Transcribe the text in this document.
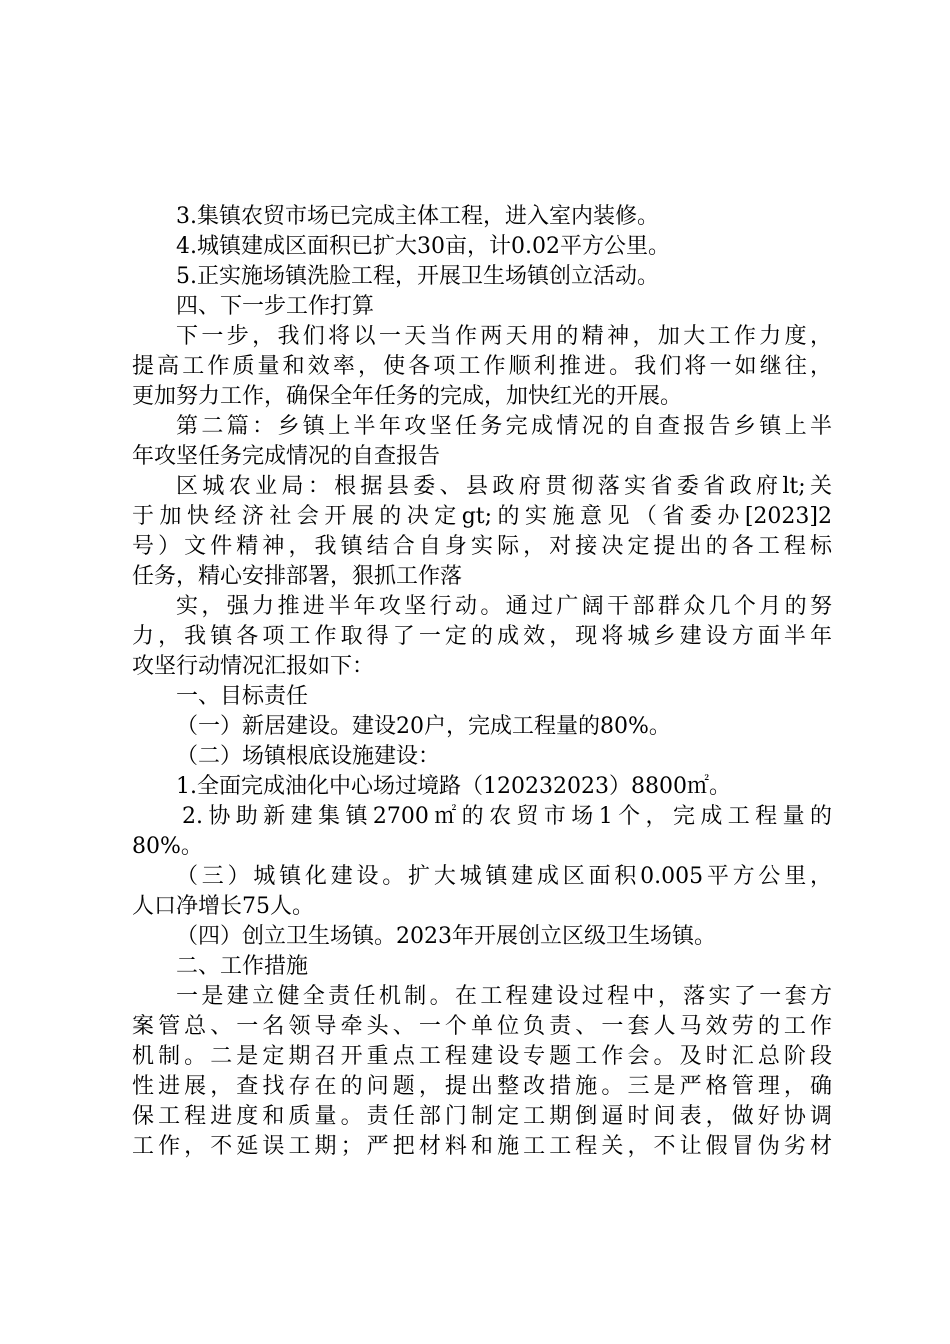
3.集镇农贸市场已完成主体工程，进入室内装修。
4.城镇建成区面积已扩大30亩，计0.02平方公里。
5.正实施场镇洗脸工程，开展卫生场镇创立活动。
四、下一步工作打算
下一步，我们将以一天当作两天用的精神，加大工作力度，
提高工作质量和效率，使各项工作顺利推进。我们将一如继往，
更加努力工作，确保全年任务的完成，加快红光的开展。
第二篇：乡镇上半年攻坚任务完成情况的自查报告乡镇上半
年攻坚任务完成情况的自查报告
区城农业局：根据县委、县政府贯彻落实省委省政府lt;关
于加快经济社会开展的决定gt;的实施意见（省委办[2023]2
号）文件精神，我镇结合自身实际，对接决定提出的各工程标
任务，精心安排部署，狠抓工作落
实，强力推进半年攻坚行动。通过广阔干部群众几个月的努
力，我镇各项工作取得了一定的成效，现将城乡建设方面半年
攻坚行动情况汇报如下：
一、目标责任
（一）新居建设。建设20户，完成工程量的80%。
（二）场镇根底设施建设：
1.全面完成油化中心场过境路（120232023）8800㎡。
2.协助新建集镇2700㎡的农贸市场1个，完成工程量的
80%。
（三）城镇化建设。扩大城镇建成区面积0.005平方公里，
人口净增长75人。
（四）创立卫生场镇。2023年开展创立区级卫生场镇。
二、工作措施
一是建立健全责任机制。在工程建设过程中，落实了一套方
案管总、一名领导牵头、一个单位负责、一套人马效劳的工作
机制。二是定期召开重点工程建设专题工作会。及时汇总阶段
性进展，查找存在的问题，提出整改措施。三是严格管理，确
保工程进度和质量。责任部门制定工期倒逼时间表，做好协调
工作，不延误工期；严把材料和施工工程关，不让假冒伪劣材
